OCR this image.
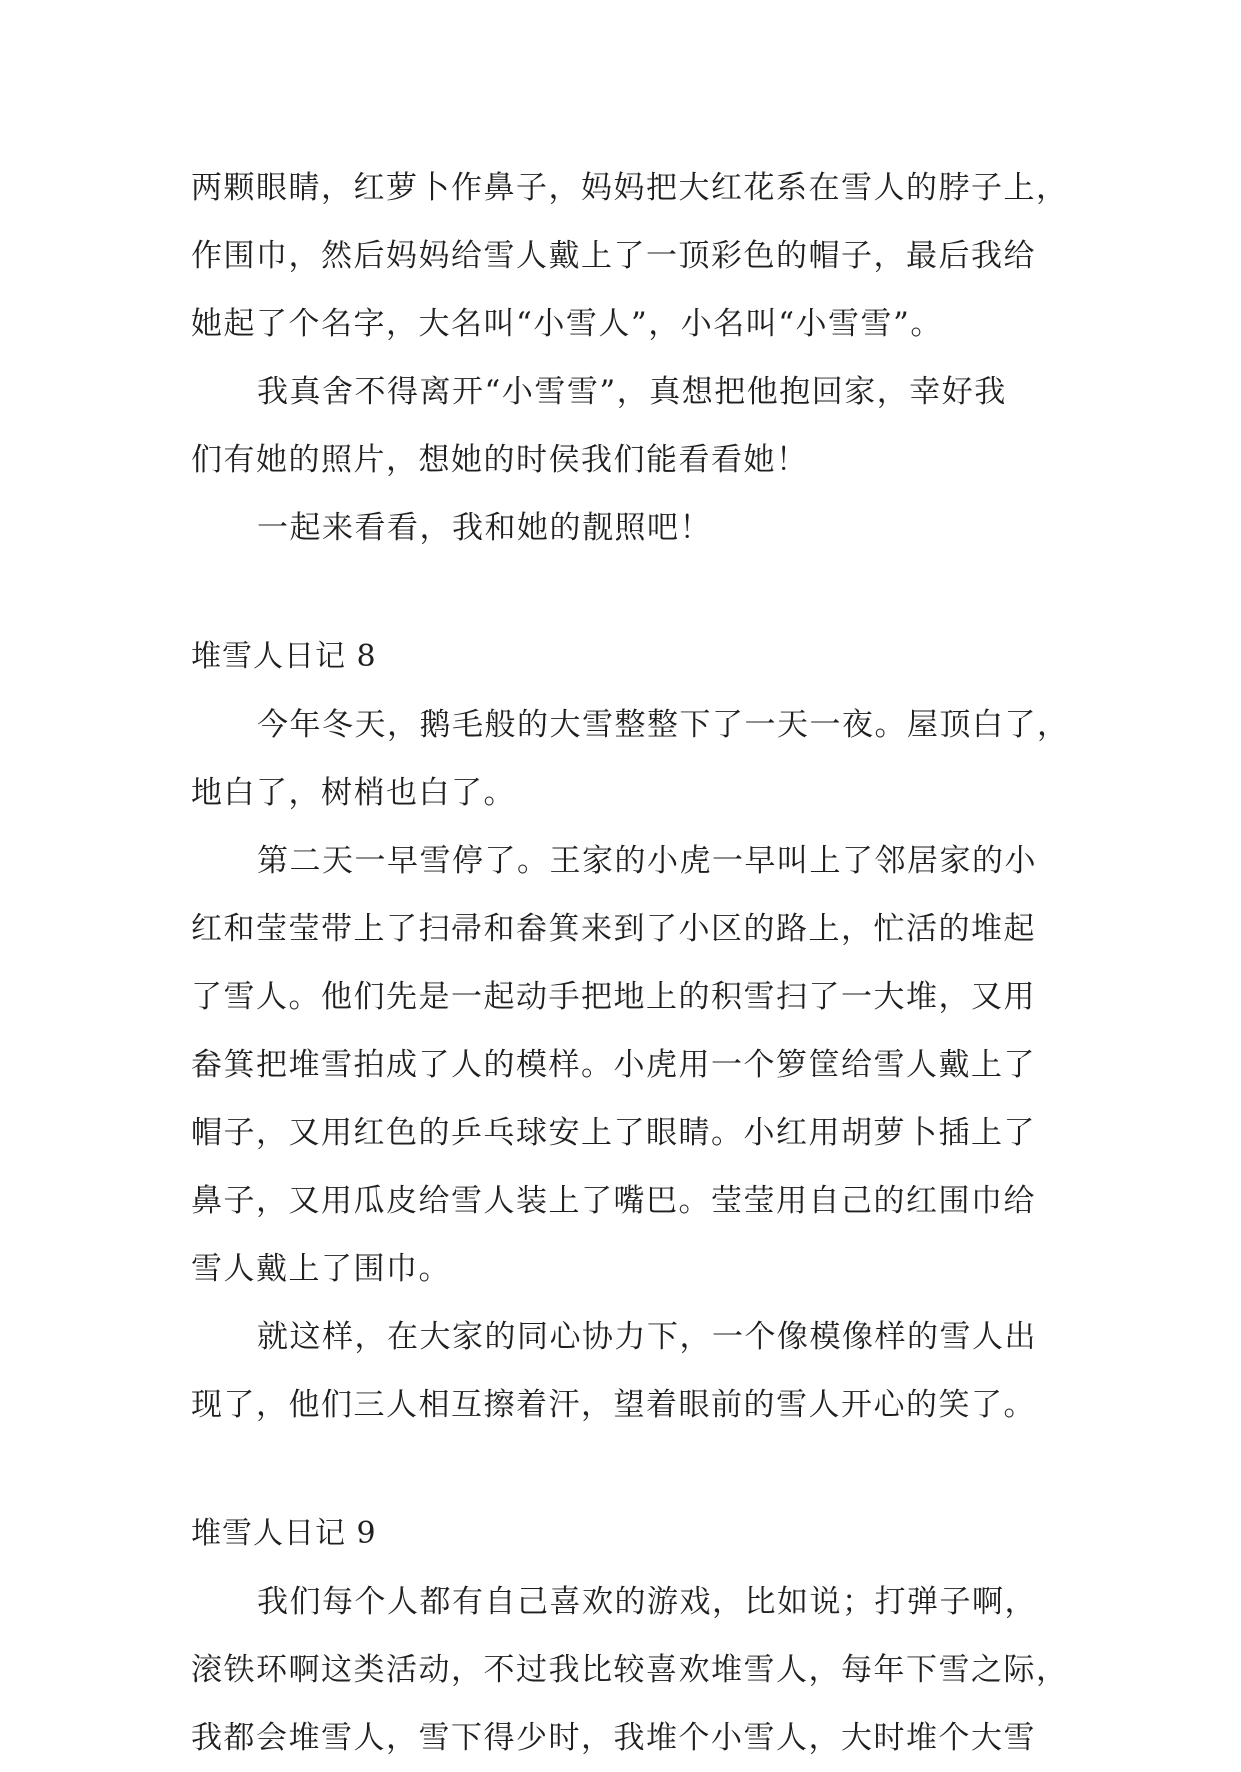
两颗眼睛，红萝卜作鼻子，妈妈把大红花系在雪人的脖子上，
作围巾，然后妈妈给雪人戴上了一顶彩色的帽子，最后我给
她起了个名字，大名叫“小雪人”，小名叫“小雪雪”。
我真舍不得离开“小雪雪”，真想把他抱回家，幸好我
们有她的照片，想她的时侯我们能看看她！
一起来看看，我和她的靓照吧！
堆雪人日记 8
今年冬天，鹅毛般的大雪整整下了一天一夜。屋顶白了，
地白了，树梢也白了。
第二天一早雪停了。王家的小虎一早叫上了邻居家的小
红和莹莹带上了扫帚和畚箕来到了小区的路上，忙活的堆起
了雪人。他们先是一起动手把地上的积雪扫了一大堆，又用
畚箕把堆雪拍成了人的模样。小虎用一个箩筐给雪人戴上了
帽子，又用红色的乒乓球安上了眼睛。小红用胡萝卜插上了
鼻子，又用瓜皮给雪人装上了嘴巴。莹莹用自己的红围巾给
雪人戴上了围巾。
就这样，在大家的同心协力下，一个像模像样的雪人出
现了，他们三人相互擦着汗，望着眼前的雪人开心的笑了。
堆雪人日记 9
我们每个人都有自己喜欢的游戏，比如说；打弹子啊，
滚铁环啊这类活动，不过我比较喜欢堆雪人，每年下雪之际，
我都会堆雪人，雪下得少时，我堆个小雪人，大时堆个大雪
